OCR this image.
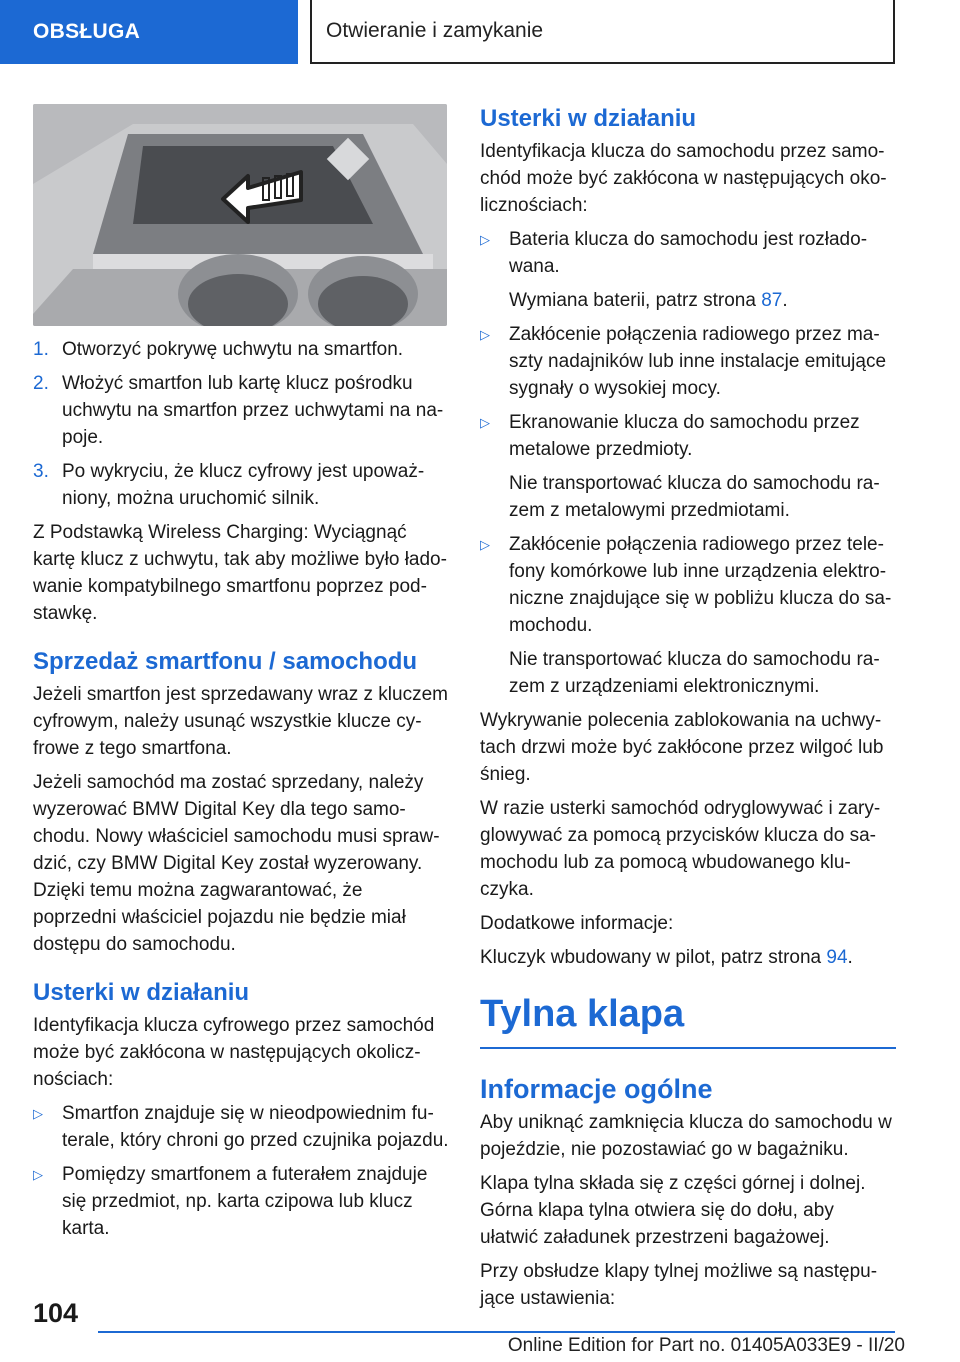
OBSŁUGA	Otwieranie i zamykanie
1. Otworzyć pokrywę uchwytu na smartfon.
2. Włożyć smartfon lub kartę klucz pośrodku uchwytu na smartfon przez uchwytami na napoje.
3. Po wykryciu, że klucz cyfrowy jest upoważniony, można uruchomić silnik.

Z Podstawką Wireless Charging: Wyciągnąć kartę klucz z uchwytu, tak aby możliwe było ładowanie kompatybilnego smartfonu poprzez podstawkę.

Sprzedaż smartfonu / samochodu

Jeżeli smartfon jest sprzedawany wraz z kluczem cyfrowym, należy usunąć wszystkie klucze cyfrowe z tego smartfona.

Jeżeli samochód ma zostać sprzedany, należy wyzerować BMW Digital Key dla tego samochodu. Nowy właściciel samochodu musi sprawdzić, czy BMW Digital Key został wyzerowany. Dzięki temu można zagwarantować, że poprzedni właściciel pojazdu nie będzie miał dostępu do samochodu.

Usterki w działaniu

Identyfikacja klucza cyfrowego przez samochód może być zakłócona w następujących okolicznościach:

▷	Smartfon znajduje się w nieodpowiednim futerale, który chroni go przed czujnika pojazdu.
▷	Pomiędzy smartfonem a futerałem znajduje się przedmiot, np. karta czipowa lub klucz karta.
Usterki w działaniu

Identyfikacja klucza do samochodu przez samochód może być zakłócona w następujących okolicznościach:

▷	Bateria klucza do samochodu jest rozładowana.
Wymiana baterii, patrz strona 87.
▷	Zakłócenie połączenia radiowego przez maszty nadajników lub inne instalacje emitujące sygnały o wysokiej mocy.
▷	Ekranowanie klucza do samochodu przez metalowe przedmioty.
Nie transportować klucza do samochodu razem z metalowymi przedmiotami.
▷	Zakłócenie połączenia radiowego przez telefony komórkowe lub inne urządzenia elektroniczne znajdujące się w pobliżu klucza do samochodu.
Nie transportować klucza do samochodu razem z urządzeniami elektronicznymi.

Wykrywanie polecenia zablokowania na uchwytach drzwi może być zakłócone przez wilgoć lub śnieg.

W razie usterki samochód odryglowywać i zaryglowywać za pomocą przycisków klucza do samochodu lub za pomocą wbudowanego kluczyka.

Dodatkowe informacje:

Kluczyk wbudowany w pilot, patrz strona 94.

Tylna klapa
Informacje ogólne

Aby uniknąć zamknięcia klucza do samochodu w pojeździe, nie pozostawiać go w bagażniku.

Klapa tylna składa się z części górnej i dolnej. Górna klapa tylna otwiera się do dołu, aby ułatwić załadunek przestrzeni bagażowej.

Przy obsłudze klapy tylnej możliwe są następujące ustawienia:

104
Online Edition for Part no. 01405A033E9 - II/20
